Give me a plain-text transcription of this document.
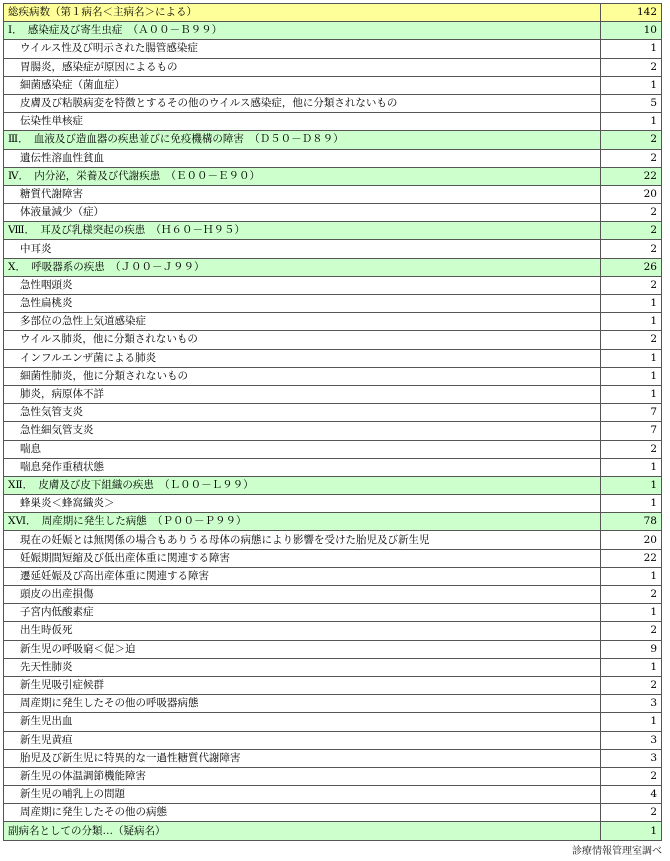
総疾病数（第１病名＜主病名＞による）	142
Ⅰ．　感染症及び寄生虫症　（Ａ００－Ｂ９９）	10
ウイルス性及び明示された腸管感染症	1
胃腸炎，感染症が原因によるもの	2
細菌感染症（菌血症）	1
皮膚及び粘膜病変を特徴とするその他のウイルス感染症，他に分類されないもの	5
伝染性単核症	1
Ⅲ．　血液及び造血器の疾患並びに免疫機構の障害　（Ｄ５０－Ｄ８９）	2
遺伝性溶血性貧血	2
Ⅳ．　内分泌，栄養及び代謝疾患　（Ｅ００－Ｅ９０）	22
糖質代謝障害	20
体液量減少（症）	2
Ⅷ．　耳及び乳様突起の疾患　（Ｈ６０－Ｈ９５）	2
中耳炎	2
Ⅹ．　呼吸器系の疾患　（Ｊ００－Ｊ９９）	26
急性咽頭炎	2
急性扁桃炎	1
多部位の急性上気道感染症	1
ウイルス肺炎，他に分類されないもの	2
インフルエンザ菌による肺炎	1
細菌性肺炎，他に分類されないもの	1
肺炎，病原体不詳	1
急性気管支炎	7
急性細気管支炎	7
喘息	2
喘息発作重積状態	1
ⅩⅡ．　皮膚及び皮下組織の疾患　（Ｌ００－Ｌ９９）	1
蜂巣炎＜蜂窩織炎＞	1
ⅩⅥ．　周産期に発生した病態　（Ｐ００－Ｐ９９）	78
現在の妊娠とは無関係の場合もありうる母体の病態により影響を受けた胎児及び新生児	20
妊娠期間短縮及び低出産体重に関連する障害	22
遷延妊娠及び高出産体重に関連する障害	1
頭皮の出産損傷	2
子宮内低酸素症	1
出生時仮死	2
新生児の呼吸窮＜促＞迫	9
先天性肺炎	1
新生児吸引症候群	2
周産期に発生したその他の呼吸器病態	3
新生児出血	1
新生児黄疸	3
胎児及び新生児に特異的な一過性糖質代謝障害	3
新生児の体温調節機能障害	2
新生児の哺乳上の問題	4
周産期に発生したその他の病態	2
副病名としての分類…（疑病名）	1
診療情報管理室調べ
